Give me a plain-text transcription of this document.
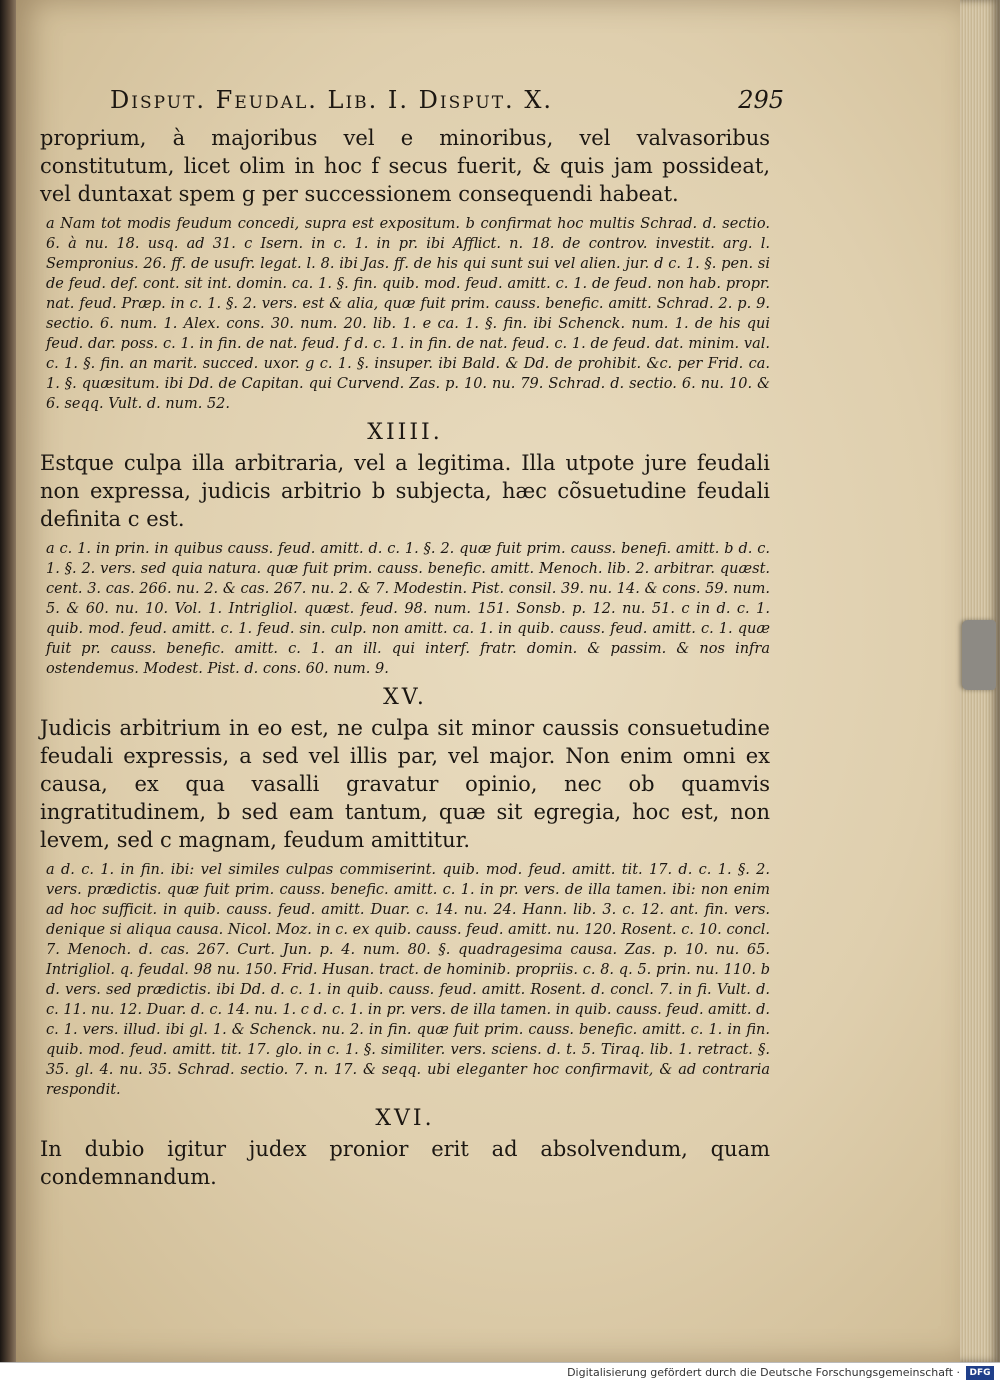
Disput. Feudal. Lib. I. Disput. X.	295

proprium, à majoribus vel e minoribus, vel valvasoribus constitutum, licet olim in hoc f secus fuerit, & quis jam possideat, vel duntaxat spem g per successionem consequendi habeat.

a Nam tot modis feudum concedi, supra est expositum. b confirmat hoc multis Schrad. d. sectio. 6. à nu. 18. usq. ad 31. c Isern. in c. 1. in pr. ibi Afflict. n. 18. de controv. investit. arg. l. Sempronius. 26. ff. de usufr. legat. l. 8. ibi Jas. ff. de his qui sunt sui vel alien. jur. d c. 1. §. pen. si de feud. def. cont. sit int. domin. ca. 1. §. fin. quib. mod. feud. amitt. c. 1. de feud. non hab. propr. nat. feud. Præp. in c. 1. §. 2. vers. est & alia, quæ fuit prim. causs. benefic. amitt. Schrad. 2. p. 9. sectio. 6. num. 1. Alex. cons. 30. num. 20. lib. 1. e ca. 1. §. fin. ibi Schenck. num. 1. de his qui feud. dar. poss. c. 1. in fin. de nat. feud. f d. c. 1. in fin. de nat. feud. c. 1. de feud. dat. minim. val. c. 1. §. fin. an marit. succed. uxor. g c. 1. §. insuper. ibi Bald. & Dd. de prohibit. &c. per Frid. ca. 1. §. quæsitum. ibi Dd. de Capitan. qui Curvend. Zas. p. 10. nu. 79. Schrad. d. sectio. 6. nu. 10. & 6. seqq. Vult. d. num. 52.

XIIII.

Estque culpa illa arbitraria, vel a legitima. Illa utpote jure feudali non expressa, judicis arbitrio b subjecta, hæc cõsuetudine feudali definita c est.

a c. 1. in prin. in quibus causs. feud. amitt. d. c. 1. §. 2. quæ fuit prim. causs. benefi. amitt. b d. c. 1. §. 2. vers. sed quia natura. quæ fuit prim. causs. benefic. amitt. Menoch. lib. 2. arbitrar. quæst. cent. 3. cas. 266. nu. 2. & cas. 267. nu. 2. & 7. Modestin. Pist. consil. 39. nu. 14. & cons. 59. num. 5. & 60. nu. 10. Vol. 1. Intrigliol. quæst. feud. 98. num. 151. Sonsb. p. 12. nu. 51. c in d. c. 1. quib. mod. feud. amitt. c. 1. feud. sin. culp. non amitt. ca. 1. in quib. causs. feud. amitt. c. 1. quæ fuit pr. causs. benefic. amitt. c. 1. an ill. qui interf. fratr. domin. & passim. & nos infra ostendemus. Modest. Pist. d. cons. 60. num. 9.

XV.

Judicis arbitrium in eo est, ne culpa sit minor caussis consuetudine feudali expressis, a sed vel illis par, vel major. Non enim omni ex causa, ex qua vasalli gravatur opinio, nec ob quamvis ingratitudinem, b sed eam tantum, quæ sit egregia, hoc est, non levem, sed c magnam, feudum amittitur.

a d. c. 1. in fin. ibi: vel similes culpas commiserint. quib. mod. feud. amitt. tit. 17. d. c. 1. §. 2. vers. prædictis. quæ fuit prim. causs. benefic. amitt. c. 1. in pr. vers. de illa tamen. ibi: non enim ad hoc sufficit. in quib. causs. feud. amitt. Duar. c. 14. nu. 24. Hann. lib. 3. c. 12. ant. fin. vers. denique si aliqua causa. Nicol. Moz. in c. ex quib. causs. feud. amitt. nu. 120. Rosent. c. 10. concl. 7. Menoch. d. cas. 267. Curt. Jun. p. 4. num. 80. §. quadragesima causa. Zas. p. 10. nu. 65. Intrigliol. q. feudal. 98 nu. 150. Frid. Husan. tract. de hominib. propriis. c. 8. q. 5. prin. nu. 110. b d. vers. sed prædictis. ibi Dd. d. c. 1. in quib. causs. feud. amitt. Rosent. d. concl. 7. in fi. Vult. d. c. 11. nu. 12. Duar. d. c. 14. nu. 1. c d. c. 1. in pr. vers. de illa tamen. in quib. causs. feud. amitt. d. c. 1. vers. illud. ibi gl. 1. & Schenck. nu. 2. in fin. quæ fuit prim. causs. benefic. amitt. c. 1. in fin. quib. mod. feud. amitt. tit. 17. glo. in c. 1. §. similiter. vers. sciens. d. t. 5. Tiraq. lib. 1. retract. §. 35. gl. 4. nu. 35. Schrad. sectio. 7. n. 17. & seqq. ubi eleganter hoc confirmavit, & ad contraria respondit.

XVI.

In dubio igitur judex pronior erit ad absolvendum, quam condemnandum.

Digitalisierung gefördert durch die Deutsche Forschungsgemeinschaft ·	DFG
